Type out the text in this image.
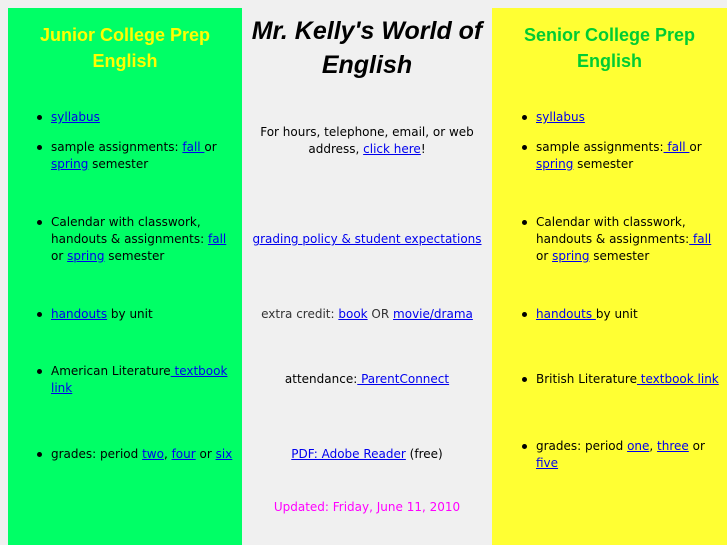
Junior College Prep English
syllabus
sample assignments: fall or
spring semester
Calendar with classwork, handouts & assignments: fall or spring semester
handouts by unit
American Literature textbook link
grades: period two, four or six
Mr. Kelly's World of English
For hours, telephone, email, or web address, click here!
grading policy & student expectations
extra credit: book OR movie/drama
attendance: ParentConnect
PDF: Adobe Reader (free)
Updated: Friday, June 11, 2010
Senior College Prep English
syllabus
sample assignments: fall or
spring semester
Calendar with classwork, handouts & assignments: fall
or spring semester
handouts by unit
British Literature textbook link
grades: period one, three or five
